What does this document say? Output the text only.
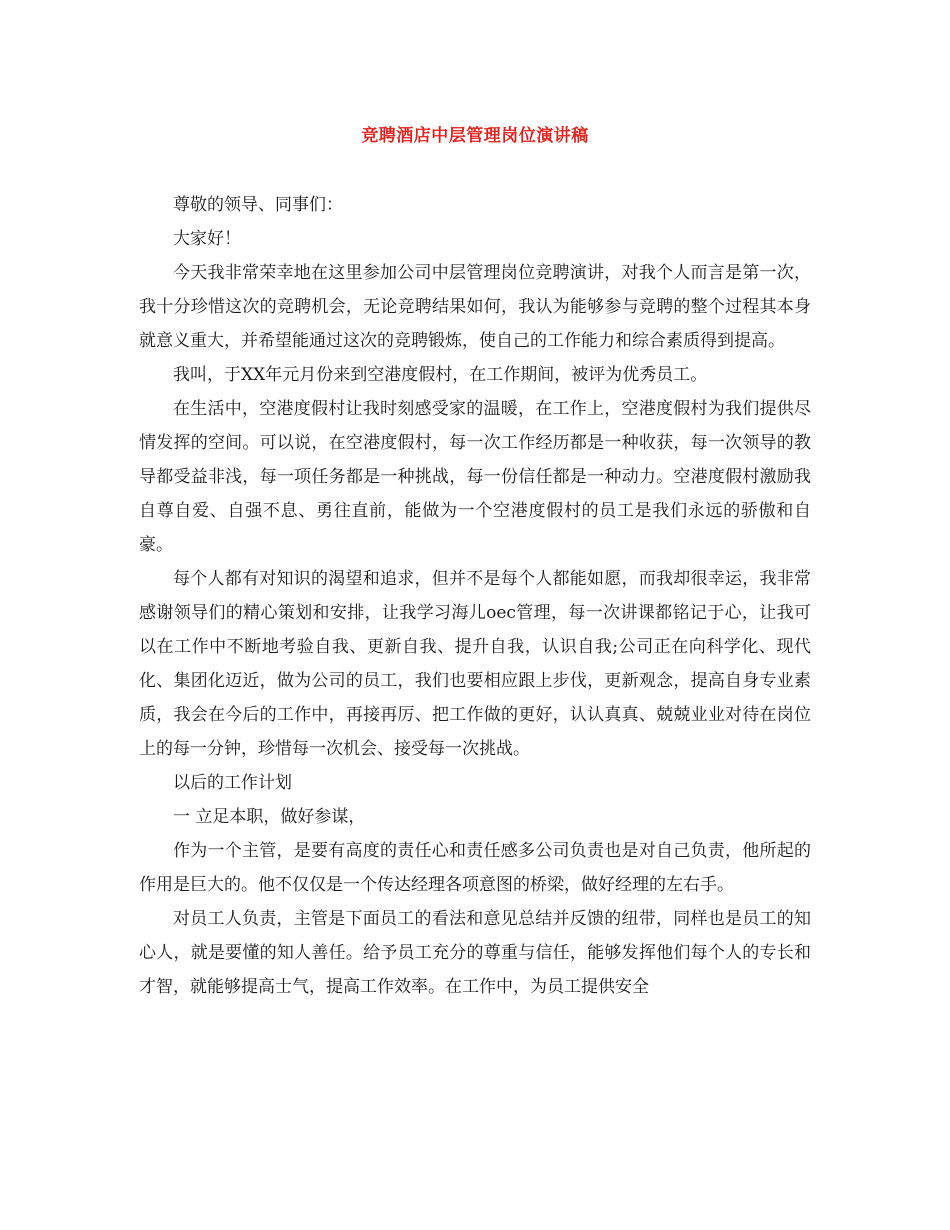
竞聘酒店中层管理岗位演讲稿

尊敬的领导、同事们：

大家好！

今天我非常荣幸地在这里参加公司中层管理岗位竞聘演讲，对我个人而言是第一次，我十分珍惜这次的竞聘机会，无论竞聘结果如何，我认为能够参与竞聘的整个过程其本身就意义重大，并希望能通过这次的竞聘锻炼，使自己的工作能力和综合素质得到提高。

我叫，于XX年元月份来到空港度假村，在工作期间，被评为优秀员工。

在生活中，空港度假村让我时刻感受家的温暖，在工作上，空港度假村为我们提供尽情发挥的空间。可以说，在空港度假村，每一次工作经历都是一种收获，每一次领导的教导都受益非浅，每一项任务都是一种挑战，每一份信任都是一种动力。空港度假村激励我自尊自爱、自强不息、勇往直前，能做为一个空港度假村的员工是我们永远的骄傲和自豪。

每个人都有对知识的渴望和追求，但并不是每个人都能如愿，而我却很幸运，我非常感谢领导们的精心策划和安排，让我学习海儿oec管理，每一次讲课都铭记于心，让我可以在工作中不断地考验自我、更新自我、提升自我，认识自我;公司正在向科学化、现代化、集团化迈近，做为公司的员工，我们也要相应跟上步伐，更新观念，提高自身专业素质，我会在今后的工作中，再接再厉、把工作做的更好，认认真真、兢兢业业对待在岗位上的每一分钟，珍惜每一次机会、接受每一次挑战。

以后的工作计划

一 立足本职，做好参谋，

作为一个主管，是要有高度的责任心和责任感多公司负责也是对自己负责，他所起的作用是巨大的。他不仅仅是一个传达经理各项意图的桥梁，做好经理的左右手。

对员工人负责，主管是下面员工的看法和意见总结并反馈的纽带，同样也是员工的知心人，就是要懂的知人善任。给予员工充分的尊重与信任，能够发挥他们每个人的专长和才智，就能够提高士气，提高工作效率。在工作中，为员工提供安全
